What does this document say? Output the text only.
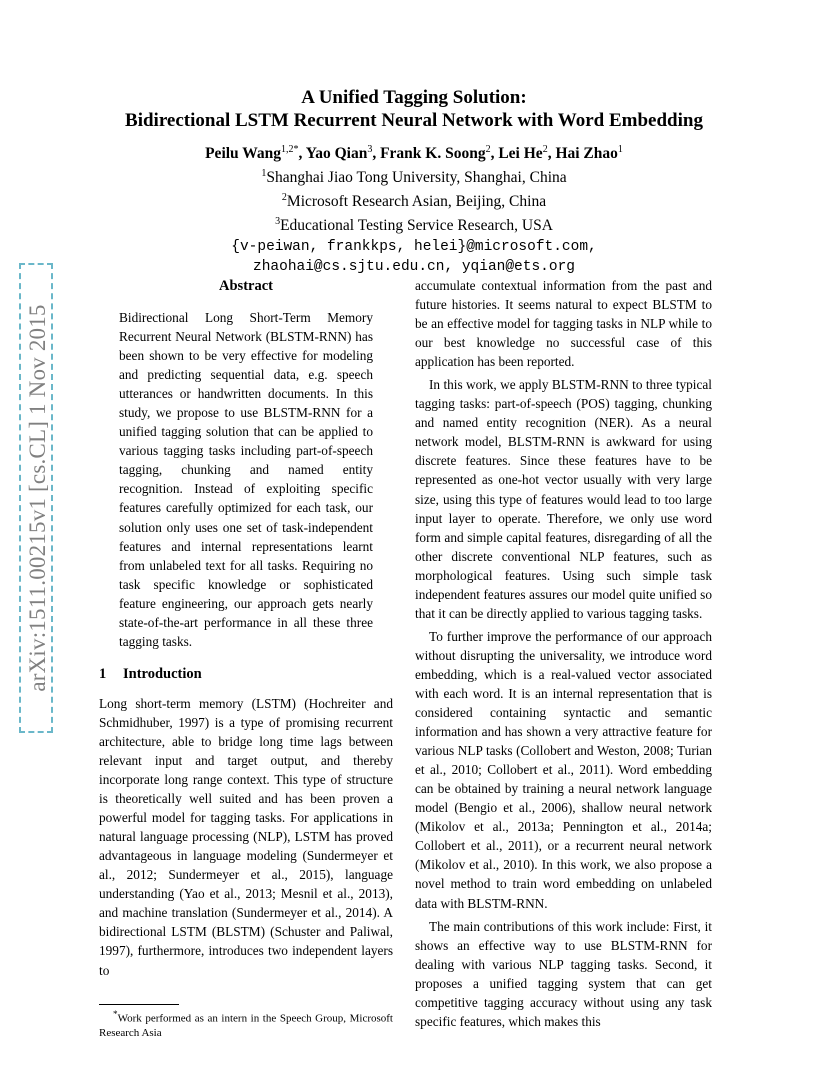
arXiv:1511.00215v1 [cs.CL] 1 Nov 2015
A Unified Tagging Solution:
Bidirectional LSTM Recurrent Neural Network with Word Embedding
Peilu Wang$^{1,2*}$, Yao Qian$^3$, Frank K. Soong$^2$, Lei He$^2$, Hai Zhao$^1$
$^1$Shanghai Jiao Tong University, Shanghai, China
$^2$Microsoft Research Asian, Beijing, China
$^3$Educational Testing Service Research, USA
{v-peiwan, frankkps, helei}@microsoft.com,
zhaohai@cs.sjtu.edu.cn, yqian@ets.org
Abstract

Bidirectional Long Short-Term Memory Recurrent Neural Network (BLSTM-RNN) has been shown to be very effective for modeling and predicting sequential data, e.g. speech utterances or handwritten documents. In this study, we propose to use BLSTM-RNN for a unified tagging solution that can be applied to various tagging tasks including part-of-speech tagging, chunking and named entity recognition. Instead of exploiting specific features carefully optimized for each task, our solution only uses one set of task-independent features and internal representations learnt from unlabeled text for all tasks. Requiring no task specific knowledge or sophisticated feature engineering, our approach gets nearly state-of-the-art performance in all these three tagging tasks.

1 Introduction

Long short-term memory (LSTM) (Hochreiter and Schmidhuber, 1997) is a type of promising recurrent architecture, able to bridge long time lags between relevant input and target output, and thereby incorporate long range context. This type of structure is theoretically well suited and has been proven a powerful model for tagging tasks. For applications in natural language processing (NLP), LSTM has proved advantageous in language modeling (Sundermeyer et al., 2012; Sundermeyer et al., 2015), language understanding (Yao et al., 2013; Mesnil et al., 2013), and machine translation (Sundermeyer et al., 2014). A bidirectional LSTM (BLSTM) (Schuster and Paliwal, 1997), furthermore, introduces two independent layers to

accumulate contextual information from the past and future histories. It seems natural to expect BLSTM to be an effective model for tagging tasks in NLP while to our best knowledge no successful case of this application has been reported.

In this work, we apply BLSTM-RNN to three typical tagging tasks: part-of-speech (POS) tagging, chunking and named entity recognition (NER). As a neural network model, BLSTM-RNN is awkward for using discrete features. Since these features have to be represented as one-hot vector usually with very large size, using this type of features would lead to too large input layer to operate. Therefore, we only use word form and simple capital features, disregarding of all the other discrete conventional NLP features, such as morphological features. Using such simple task independent features assures our model quite unified so that it can be directly applied to various tagging tasks.

To further improve the performance of our approach without disrupting the universality, we introduce word embedding, which is a real-valued vector associated with each word. It is an internal representation that is considered containing syntactic and semantic information and has shown a very attractive feature for various NLP tasks (Collobert and Weston, 2008; Turian et al., 2010; Collobert et al., 2011). Word embedding can be obtained by training a neural network language model (Bengio et al., 2006), shallow neural network (Mikolov et al., 2013a; Pennington et al., 2014a; Collobert et al., 2011), or a recurrent neural network (Mikolov et al., 2010). In this work, we also propose a novel method to train word embedding on unlabeled data with BLSTM-RNN.

The main contributions of this work include: First, it shows an effective way to use BLSTM-RNN for dealing with various NLP tagging tasks. Second, it proposes a unified tagging system that can get competitive tagging accuracy without using any task specific features, which makes this

*Work performed as an intern in the Speech Group, Microsoft Research Asia
